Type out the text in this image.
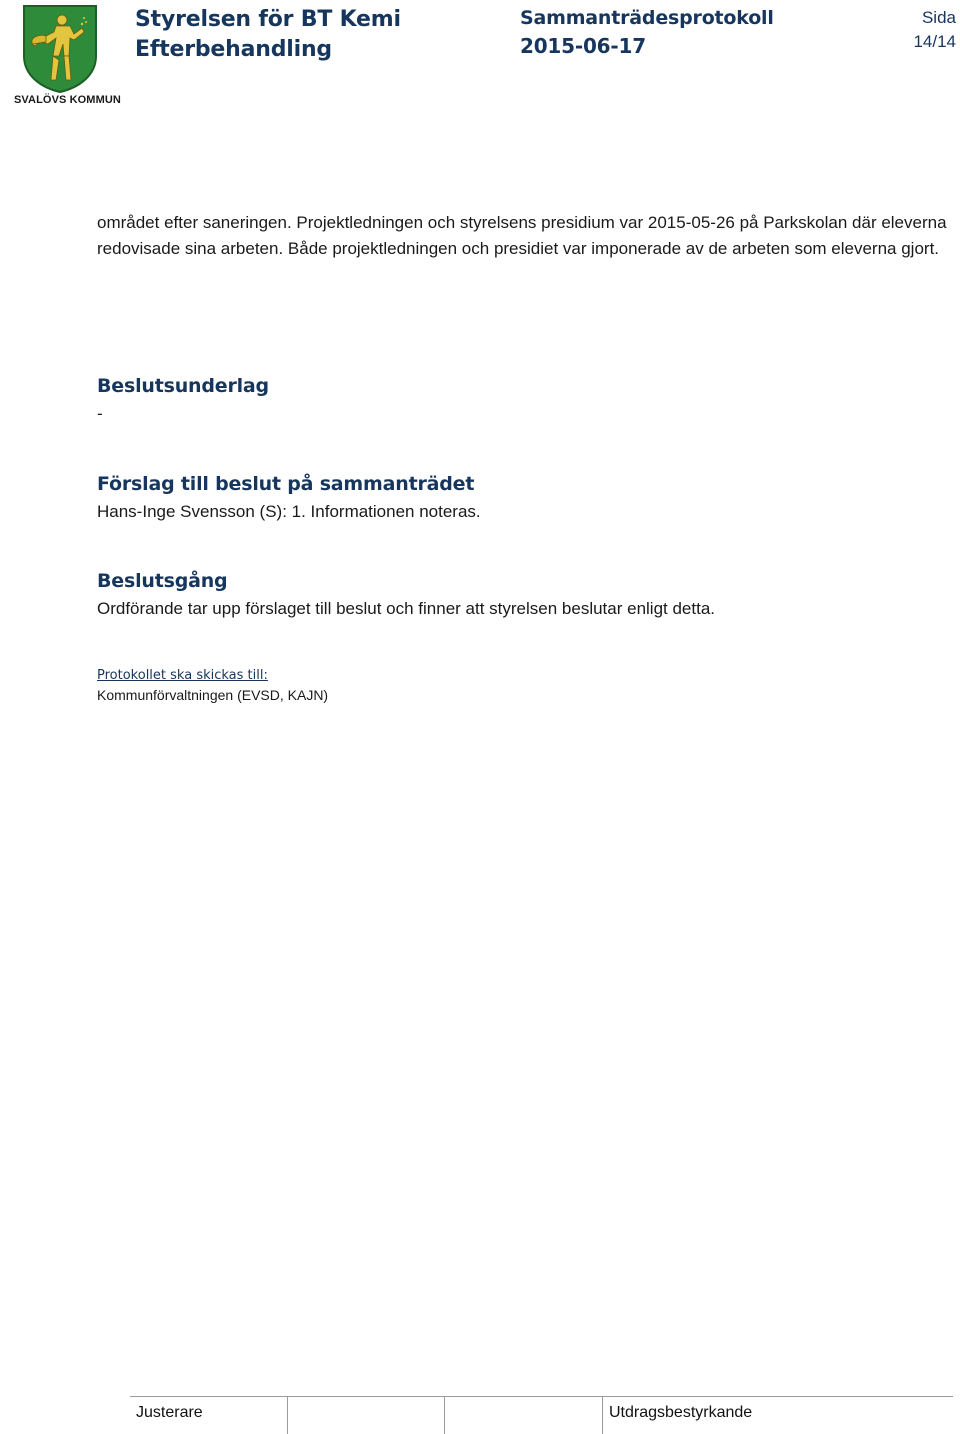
SVALÖVS KOMMUN
Styrelsen för BT Kemi
Efterbehandling
Sammanträdesprotokoll
2015-06-17
Sida
14/14
området efter saneringen. Projektledningen och styrelsens presidium var 2015-05-26 på Parkskolan där eleverna redovisade sina arbeten. Både projektledningen och presidiet var imponerade av de arbeten som eleverna gjort.
Beslutsunderlag
-
Förslag till beslut på sammanträdet
Hans-Inge Svensson (S): 1. Informationen noteras.
Beslutsgång
Ordförande tar upp förslaget till beslut och finner att styrelsen beslutar enligt detta.
Protokollet ska skickas till:
Kommunförvaltningen (EVSD, KAJN)
Justerare	Utdragsbestyrkande
